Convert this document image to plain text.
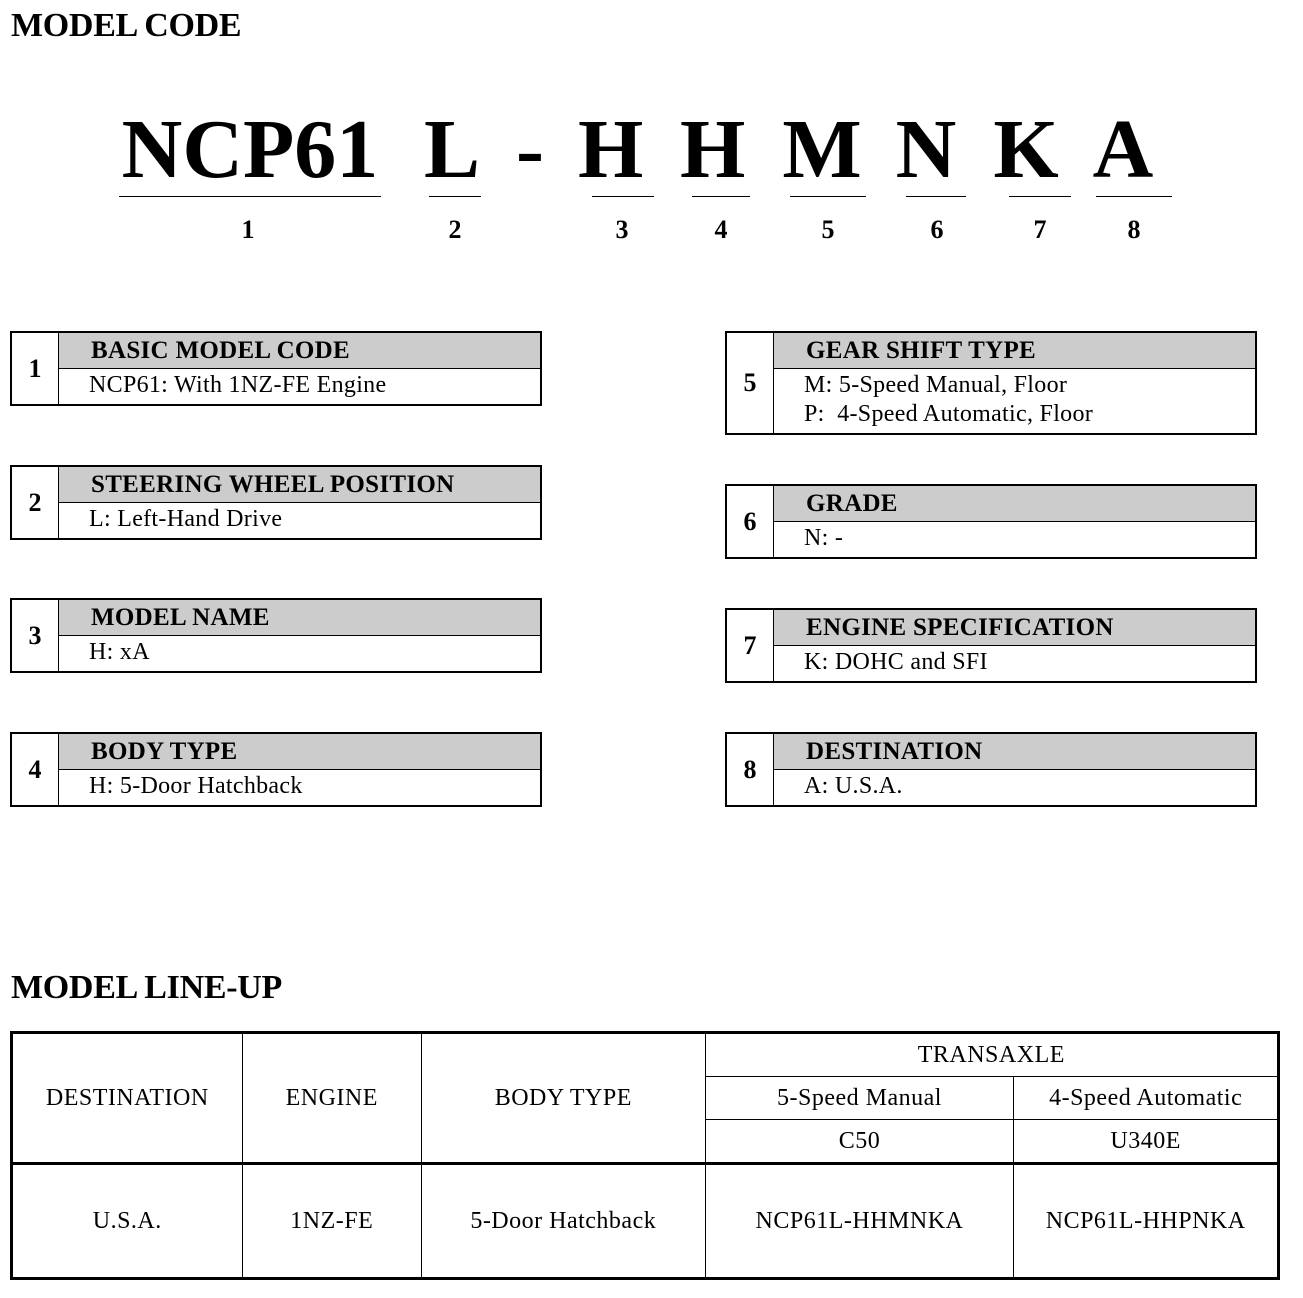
MODEL CODE
NCP61 L - H H M N K A
1	2	3	4	5	6	7	8
1
BASIC MODEL CODE
NCP61: With 1NZ-FE Engine
2
STEERING WHEEL POSITION
L: Left-Hand Drive
3
MODEL NAME
H: xA
4
BODY TYPE
H: 5-Door Hatchback
5
GEAR SHIFT TYPE
M: 5-Speed Manual, Floor
P:  4-Speed Automatic, Floor
6
GRADE
N: -
7
ENGINE SPECIFICATION
K: DOHC and SFI
8
DESTINATION
A: U.S.A.
MODEL LINE-UP
DESTINATION	ENGINE	BODY TYPE	TRANSAXLE	
			5-Speed Manual	4-Speed Automatic
			C50	U340E
U.S.A.	1NZ-FE	5-Door Hatchback	NCP61L-HHMNKA	NCP61L-HHPNKA
